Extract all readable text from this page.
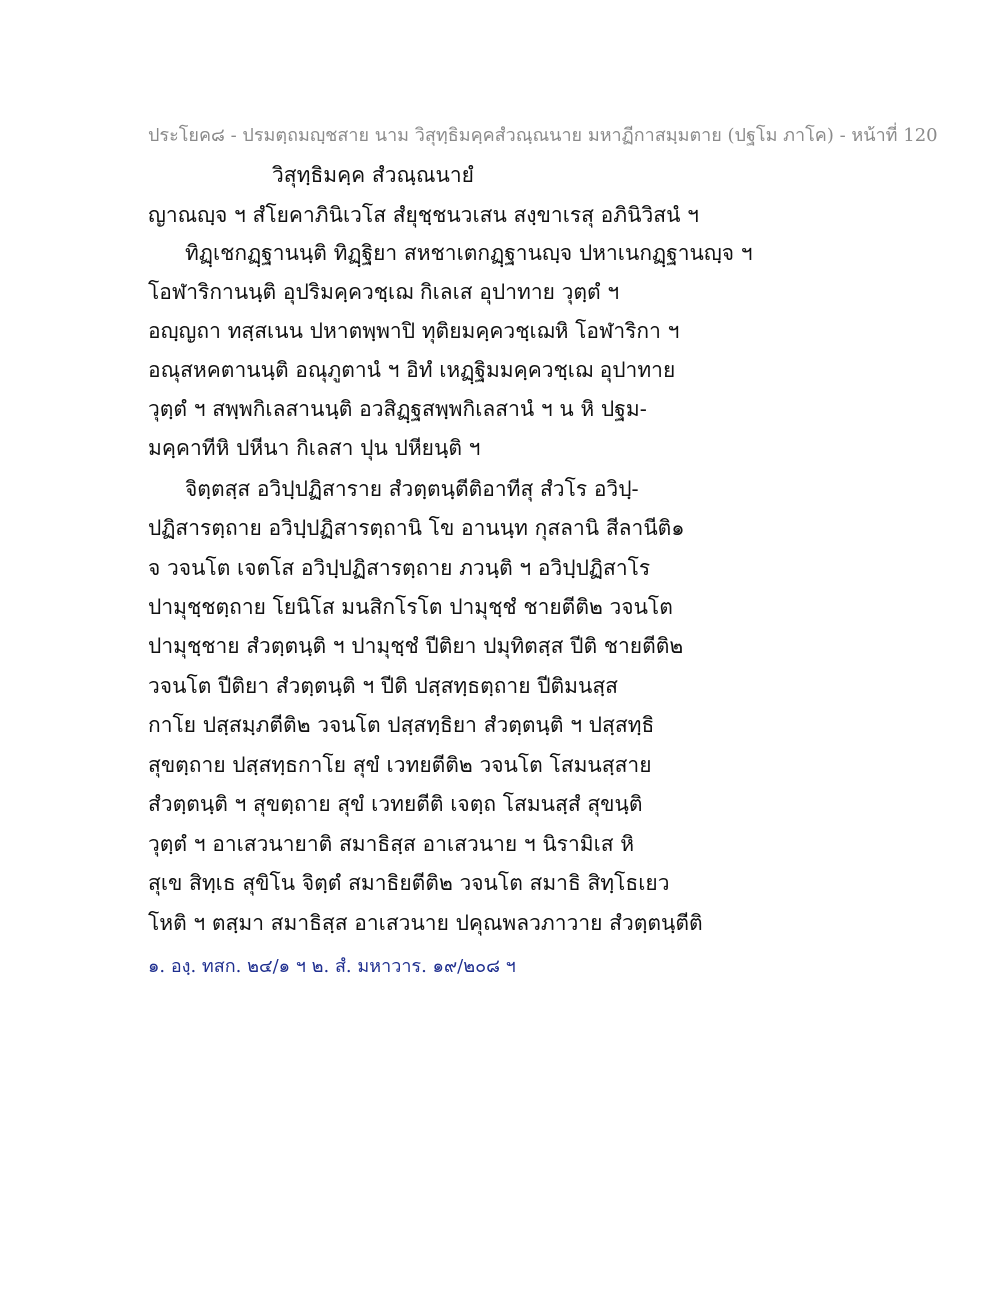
ประโยค๘ - ปรมตฺถมญฺชสาย นาม วิสุทฺธิมคฺคสํวณฺณนาย มหาฏีกาสมฺมตาย (ปฐโม ภาโค) - หน้าที่ 120
วิสุทฺธิมคฺค สํวณฺณนายํ
ญาณญฺจ ฯ สํโยคาภินิเวโส สํยุชฺชนวเสน สงฺขาเรสุ อภินิวิสนํ ฯ
ทิฏฺเชกฏฺฐานนฺติ ทิฏฺฐิยา สหชาเตกฏฺฐานญฺจ ปหาเนกฏฺฐานญฺจ ฯ
โอฬาริกานนฺติ อุปริมคฺควชฺเฌ กิเลเส อุปาทาย วุตฺตํ ฯ
อญฺญถา ทสฺสเนน ปหาตพฺพาปิ ทุติยมคฺควชฺเฌหิ โอฬาริกา ฯ
อณุสหคตานนฺติ อณุภูตานํ ฯ อิทํ เหฏฺฐิมมคฺควชฺเฌ อุปาทาย
วุตฺตํ ฯ สพฺพกิเลสานนฺติ อวสิฏฺฐสพฺพกิเลสานํ ฯ น หิ ปฐม-
มคฺคาทีหิ ปหีนา กิเลสา ปุน ปหียนฺติ ฯ
จิตฺตสฺส อวิปฺปฏิสาราย สํวตฺตนฺตีติอาทีสุ สํวโร อวิปฺ-
ปฏิสารตฺถาย อวิปฺปฏิสารตฺถานิ โข อานนฺท กุสลานิ สีลานีติ๑
จ วจนโต เจตโส อวิปฺปฏิสารตฺถาย ภวนฺติ ฯ อวิปฺปฏิสาโร
ปามุชฺชตฺถาย โยนิโส มนสิกโรโต ปามุชฺชํ ชายตีติ๒ วจนโต
ปามุชฺชาย สํวตฺตนฺติ ฯ ปามุชฺชํ ปีติยา ปมุทิตสฺส ปีติ ชายตีติ๒
วจนโต ปีติยา สํวตฺตนฺติ ฯ ปีติ ปสฺสทฺธตฺถาย ปีติมนสฺส
กาโย ปสฺสมฺภตีติ๒ วจนโต ปสฺสทฺธิยา สํวตฺตนฺติ ฯ ปสฺสทฺธิ
สุขตฺถาย ปสฺสทฺธกาโย สุขํ เวทยตีติ๒ วจนโต โสมนสฺสาย
สํวตฺตนฺติ ฯ สุขตฺถาย สุขํ เวทยตีติ เจตฺถ โสมนสฺสํ สุขนฺติ
วุตฺตํ ฯ อาเสวนายาติ สมาธิสฺส อาเสวนาย ฯ นิรามิเส หิ
สุเข สิทฺเธ สุขิโน จิตฺตํ สมาธิยตีติ๒ วจนโต สมาธิ สิทฺโธเยว
โหติ ฯ ตสฺมา สมาธิสฺส อาเสวนาย ปคุณพลวภาวาย สํวตฺตนฺตีติ
๑. องฺ. ทสก. ๒๔/๑ ฯ ๒. สํ. มหาวาร. ๑๙/๒๐๘ ฯ
